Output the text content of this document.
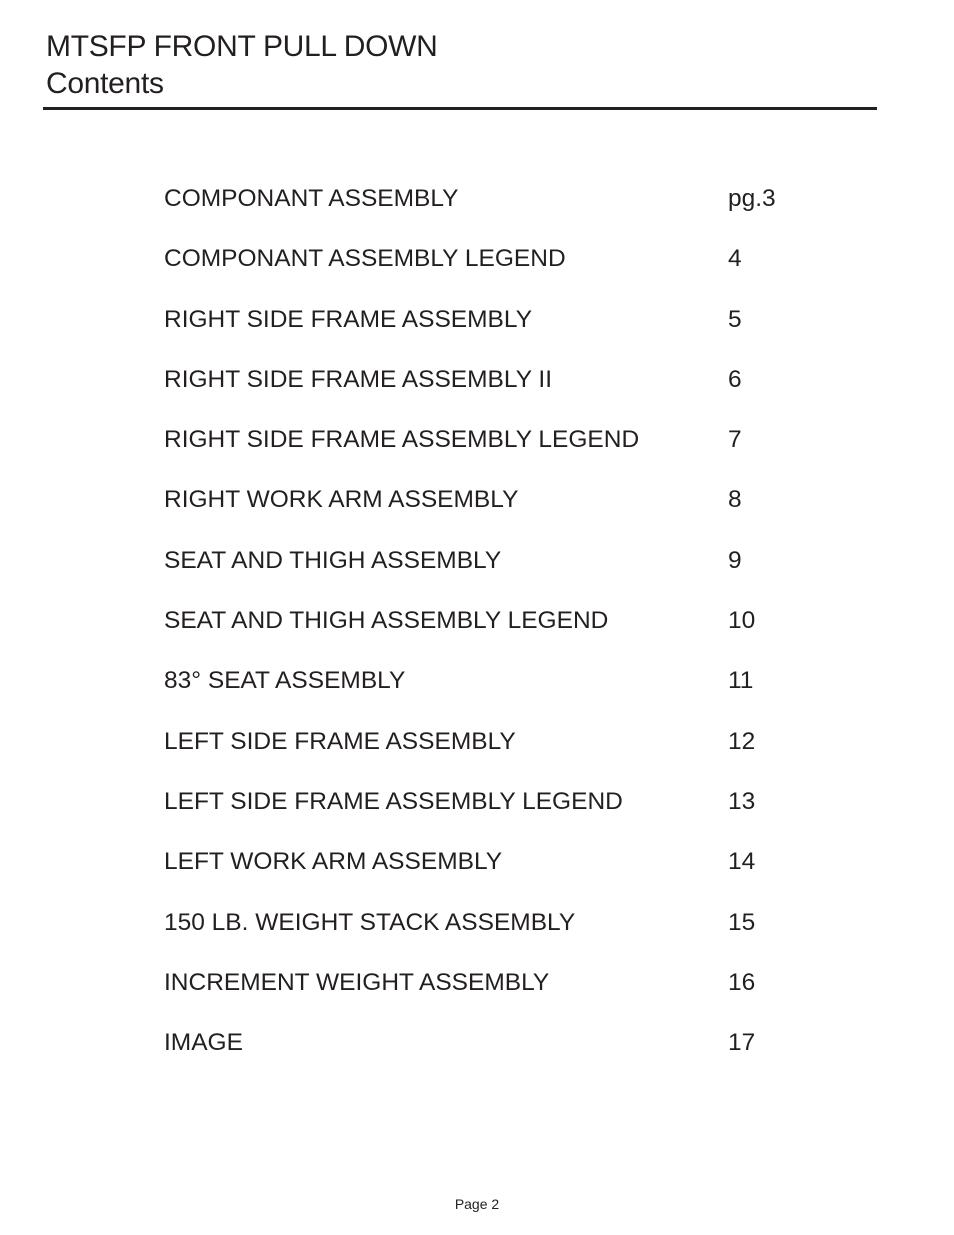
MTSFP FRONT PULL DOWN
Contents
COMPONANT ASSEMBLY	pg.3
COMPONANT ASSEMBLY LEGEND	4
RIGHT SIDE FRAME ASSEMBLY	5
RIGHT SIDE FRAME ASSEMBLY II	6
RIGHT SIDE FRAME ASSEMBLY LEGEND	7
RIGHT WORK ARM ASSEMBLY	8
SEAT AND THIGH ASSEMBLY	9
SEAT AND THIGH ASSEMBLY LEGEND	10
83° SEAT ASSEMBLY	11
LEFT SIDE FRAME ASSEMBLY	12
LEFT SIDE FRAME ASSEMBLY LEGEND	13
LEFT WORK ARM ASSEMBLY	14
150 LB. WEIGHT STACK ASSEMBLY	15
INCREMENT WEIGHT ASSEMBLY	16
IMAGE	17
Page 2
